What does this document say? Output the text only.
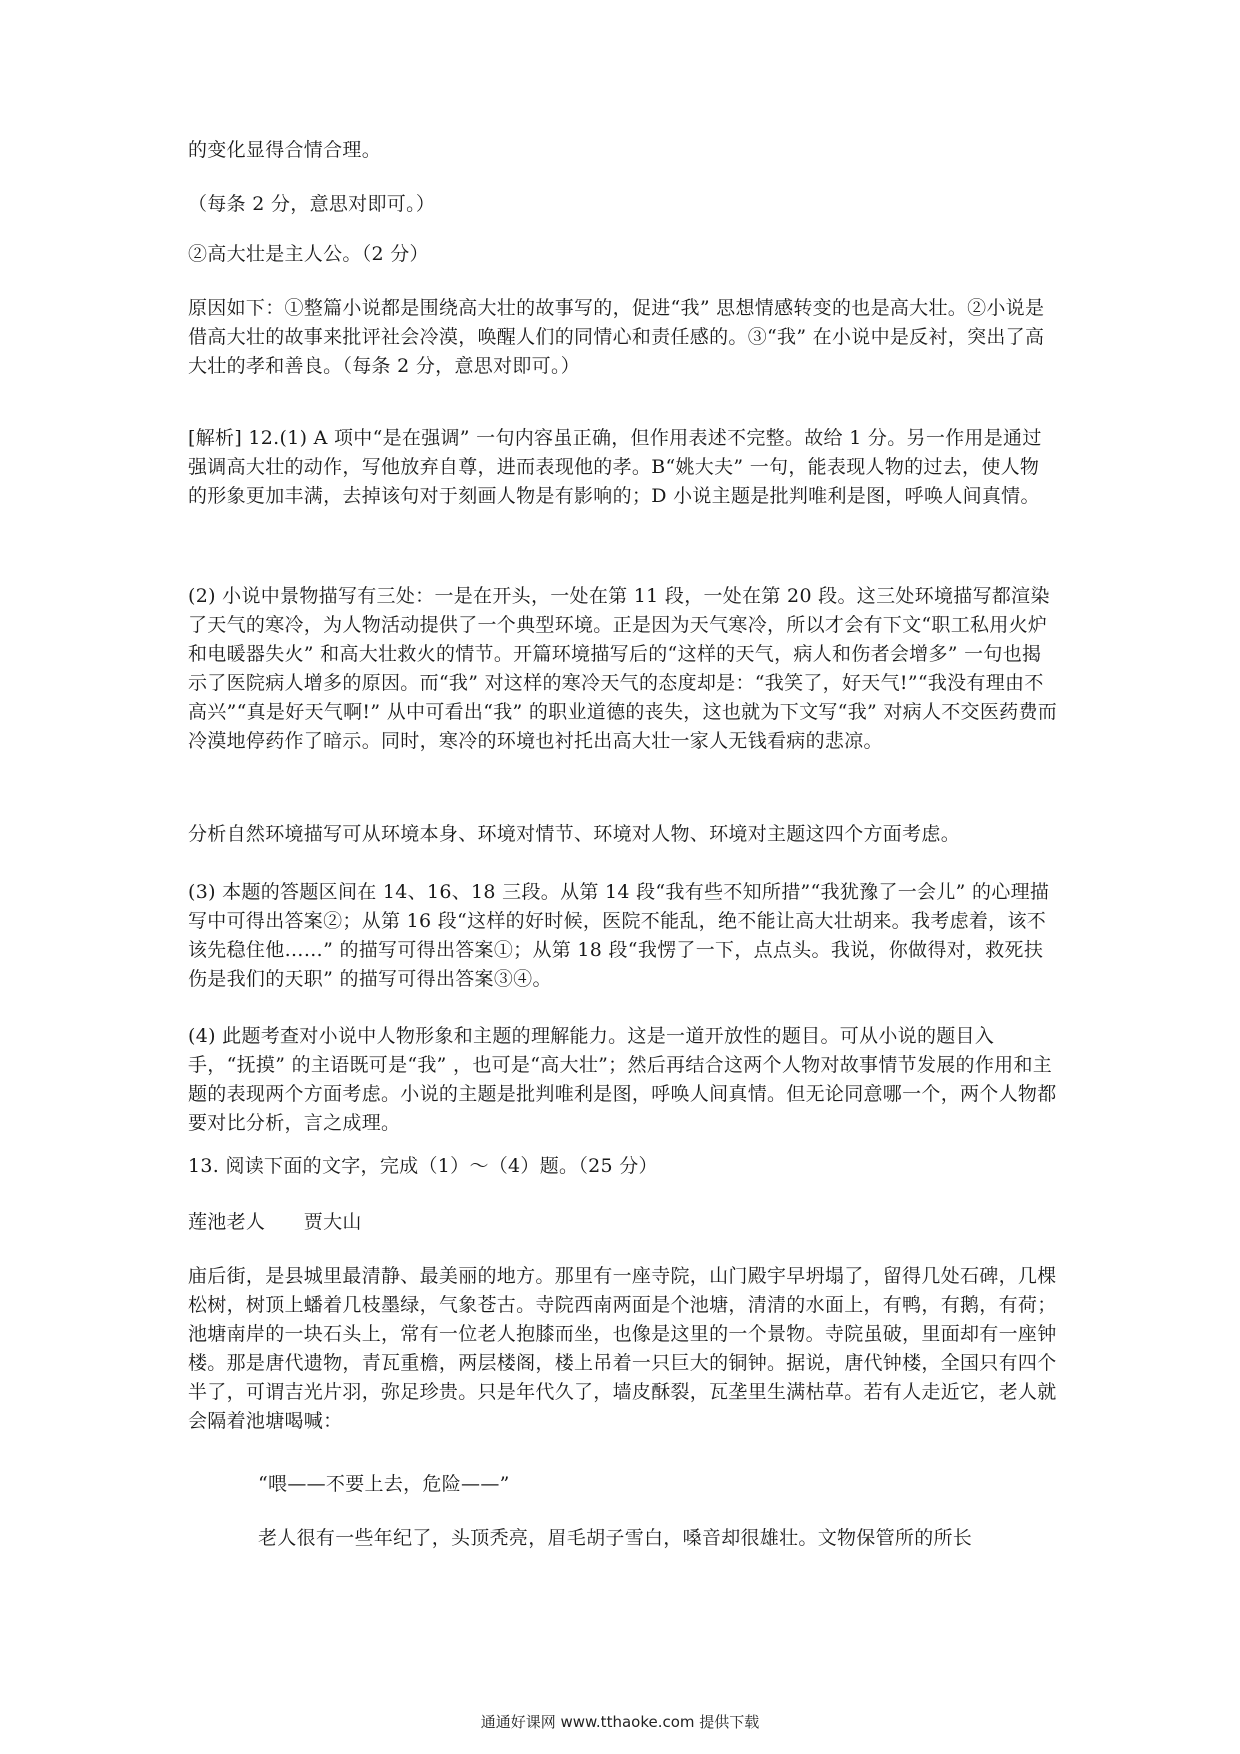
的变化显得合情合理。

（每条 2 分，意思对即可。）

②高大壮是主人公。（2 分）

原因如下：①整篇小说都是围绕高大壮的故事写的，促进“我” 思想情感转变的也是高大壮。②小说是借高大壮的故事来批评社会冷漠，唤醒人们的同情心和责任感的。③“我” 在小说中是反衬，突出了高大壮的孝和善良。（每条 2 分，意思对即可。）

[解析] 12.(1) A 项中“是在强调” 一句内容虽正确，但作用表述不完整。故给 1 分。另一作用是通过强调高大壮的动作，写他放弃自尊，进而表现他的孝。B“姚大夫” 一句，能表现人物的过去，使人物的形象更加丰满，去掉该句对于刻画人物是有影响的；D 小说主题是批判唯利是图，呼唤人间真情。

(2) 小说中景物描写有三处：一是在开头，一处在第 11 段，一处在第 20 段。这三处环境描写都渲染了天气的寒冷，为人物活动提供了一个典型环境。正是因为天气寒冷，所以才会有下文“职工私用火炉和电暖器失火” 和高大壮救火的情节。开篇环境描写后的“这样的天气，病人和伤者会增多” 一句也揭示了医院病人增多的原因。而“我” 对这样的寒冷天气的态度却是：“我笑了，好天气!”“我没有理由不高兴”“真是好天气啊!” 从中可看出“我” 的职业道德的丧失，这也就为下文写“我” 对病人不交医药费而冷漠地停药作了暗示。同时，寒冷的环境也衬托出高大壮一家人无钱看病的悲凉。

分析自然环境描写可从环境本身、环境对情节、环境对人物、环境对主题这四个方面考虑。

(3) 本题的答题区间在 14、16、18 三段。从第 14 段“我有些不知所措”“我犹豫了一会儿” 的心理描写中可得出答案②；从第 16 段“这样的好时候，医院不能乱，绝不能让高大壮胡来。我考虑着，该不该先稳住他……” 的描写可得出答案①；从第 18 段“我愣了一下，点点头。我说，你做得对，救死扶伤是我们的天职” 的描写可得出答案③④。

(4) 此题考查对小说中人物形象和主题的理解能力。这是一道开放性的题目。可从小说的题目入手，“抚摸” 的主语既可是“我” ，也可是“高大壮”；然后再结合这两个人物对故事情节发展的作用和主题的表现两个方面考虑。小说的主题是批判唯利是图，呼唤人间真情。但无论同意哪一个，两个人物都要对比分析，言之成理。

13. 阅读下面的文字，完成（1）～（4）题。（25 分）

莲池老人　　贾大山

庙后街，是县城里最清静、最美丽的地方。那里有一座寺院，山门殿宇早坍塌了，留得几处石碑，几棵松树，树顶上蟠着几枝墨绿，气象苍古。寺院西南两面是个池塘，清清的水面上，有鸭，有鹅，有荷；池塘南岸的一块石头上，常有一位老人抱膝而坐，也像是这里的一个景物。寺院虽破，里面却有一座钟楼。那是唐代遗物，青瓦重檐，两层楼阁，楼上吊着一只巨大的铜钟。据说，唐代钟楼，全国只有四个半了，可谓吉光片羽，弥足珍贵。只是年代久了，墙皮酥裂，瓦垄里生满枯草。若有人走近它，老人就会隔着池塘喝喊：

“喂——不要上去，危险——”

老人很有一些年纪了，头顶秃亮，眉毛胡子雪白，嗓音却很雄壮。文物保管所的所长

通通好课网 www.tthaoke.com 提供下载
